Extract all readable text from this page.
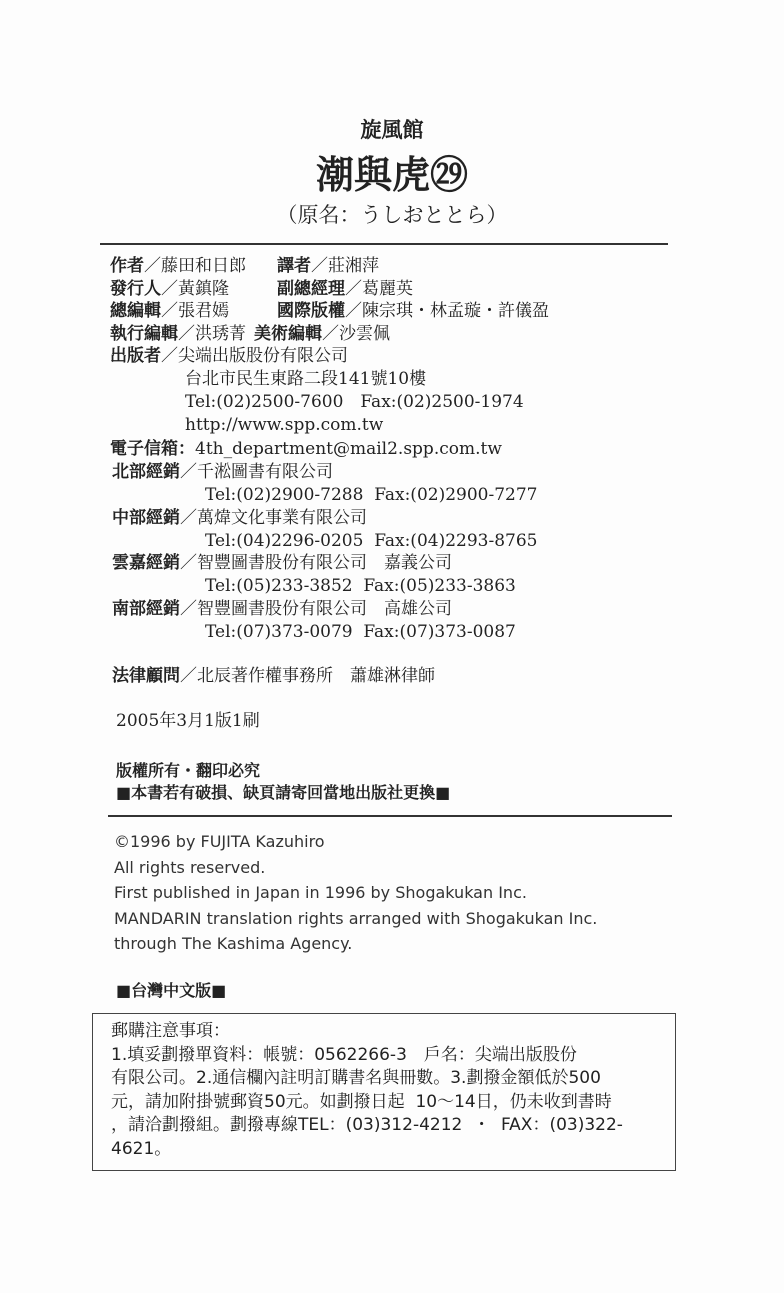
旋風館
潮與虎㉙
（原名：うしおととら）
作者／藤田和日郎 譯者／莊湘萍
發行人／黃鎮隆	副總經理／葛麗英
總編輯／張君嫣	國際版權／陳宗琪・林孟璇・許儀盈
執行編輯／洪琇菁 美術編輯／沙雲佩
出版者／尖端出版股份有限公司
台北市民生東路二段141號10樓
Tel:(02)2500-7600　Fax:(02)2500-1974
http://www.spp.com.tw
電子信箱：4th_department@mail2.spp.com.tw
北部經銷／千淞圖書有限公司
Tel:(02)2900-7288  Fax:(02)2900-7277
中部經銷／萬煒文化事業有限公司
Tel:(04)2296-0205  Fax:(04)2293-8765
雲嘉經銷／智豐圖書股份有限公司　嘉義公司
Tel:(05)233-3852  Fax:(05)233-3863
南部經銷／智豐圖書股份有限公司　高雄公司
Tel:(07)373-0079  Fax:(07)373-0087
法律顧問／北辰著作權事務所　蕭雄淋律師
2005年3月1版1刷
版權所有・翻印必究
■本書若有破損、缺頁請寄回當地出版社更換■
©1996 by FUJITA Kazuhiro
All rights reserved.
First published in Japan in 1996 by Shogakukan Inc.
MANDARIN translation rights arranged with Shogakukan Inc.
through The Kashima Agency.
■台灣中文版■
郵購注意事項：
1.填妥劃撥單資料：帳號：0562266-3　戶名：尖端出版股份
有限公司。2.通信欄內註明訂購書名與冊數。3.劃撥金額低於500
元，請加附掛號郵資50元。如劃撥日起  10～14日，仍未收到書時
，請洽劃撥組。劃撥專線TEL：(03)312-4212  ・  FAX：(03)322-
4621。
